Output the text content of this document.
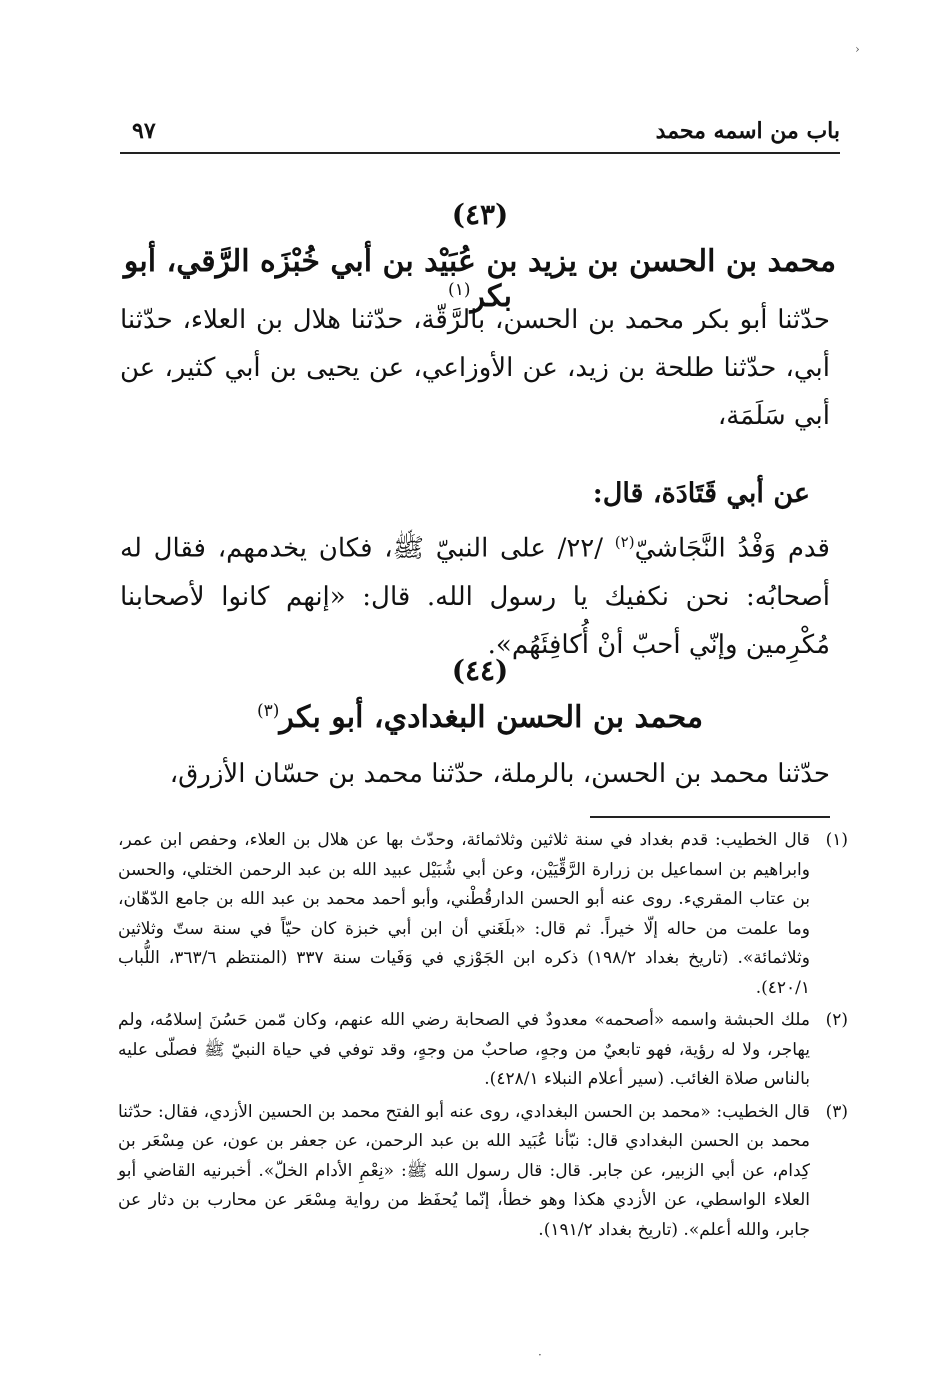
›
باب من اسمه محمد
٩٧
(٤٣)
محمد بن الحسن بن يزيد بن عُبَيْد بن أبي خُبْزَه الرَّقي، أبو بكر$^{(١)}$
حدّثنا أبو بكر محمد بن الحسن، بالرَّقّة، حدّثنا هلال بن العلاء، حدّثنا أبي، حدّثنا طلحة بن زيد، عن الأوزاعي، عن يحيى بن أبي كثير، عن أبي سَلَمَة،
عن أبي قَتَادَة، قال:
قدم وَفْدُ النَّجَاشيّ$^{(٢)}$ /٢٢/ على النبيّ ﷺ، فكان يخدمهم، فقال له أصحابُه: نحن نكفيك يا رسول الله. قال: «إنهم كانوا لأصحابنا مُكْرِمين وإنّي أحبّ أنْ أُكافِئَهُم».
(٤٤)
محمد بن الحسن البغدادي، أبو بكر$^{(٣)}$
حدّثنا محمد بن الحسن، بالرملة، حدّثنا محمد بن حسّان الأزرق،
(١)
قال الخطيب: قدم بغداد في سنة ثلاثين وثلاثمائة، وحدّث بها عن هلال بن العلاء، وحفص ابن عمر، وابراهيم بن اسماعيل بن زرارة الرَّقِّيَيْن، وعن أبي شُبَيْل عبيد الله بن عبد الرحمن الختلي، والحسن بن عتاب المقريء. روى عنه أبو الحسن الدارقُطْني، وأبو أحمد محمد بن عبد الله بن جامع الدّهّان، وما علمت من حاله إلّا خيراً. ثم قال: «بلَغَني أن ابن أبي خبزة كان حيّاً في سنة ستّ وثلاثين وثلاثمائة». (تاريخ بغداد ١٩٨/٢) ذكره ابن الجَوْزي في وَفَيات سنة ٣٣٧ (المنتظم ٣٦٣/٦، اللُّباب ٤٢٠/١).
(٢)
ملك الحبشة واسمه «أصحمه» معدودٌ في الصحابة رضي الله عنهم، وكان مّمن حَسُنَ إسلامُه، ولم يهاجر، ولا له رؤية، فهو تابعيٌ من وجهٍ، صاحبٌ من وجهٍ، وقد توفي في حياة النبيّ ﷺ فصلّى عليه بالناس صلاة الغائب. (سير أعلام النبلاء ٤٢٨/١).
(٣)
قال الخطيب: «محمد بن الحسن البغدادي، روى عنه أبو الفتح محمد بن الحسين الأزدي، فقال: حدّثنا محمد بن الحسن البغدادي قال: نبّأنا عُبَيد الله بن عبد الرحمن، عن جعفر بن عون، عن مِسْعَر بن كِدام، عن أبي الزبير، عن جابر. قال: قال رسول الله ﷺ: «نِعْمِ الأدام الخلّ». أخبرنيه القاضي أبو العلاء الواسطي، عن الأزدي هكذا وهو خطأ، إنّما يُحفَظ من رواية مِسْعَر عن محارب بن دثار عن جابر، والله أعلم». (تاريخ بغداد ١٩١/٢).
·
